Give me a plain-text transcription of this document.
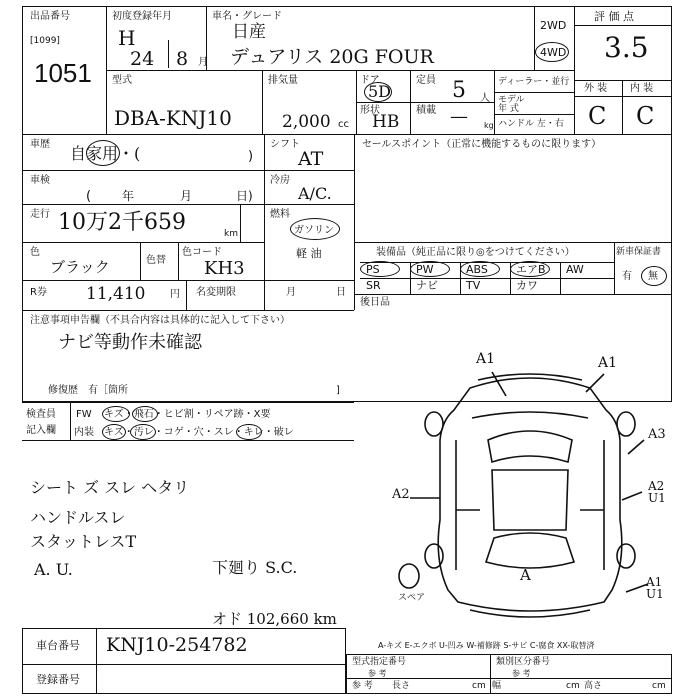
出品番号
[1099]
1051
初度登録年月
H
24 8 月
車名・グレード
日産
デュアリス 20G FOUR
2WD
4WD
評 価 点
3.5
外 装 内 装
C C
型式
DBA-KNJ10
排気量
2,000 cc
ドア
5D
定員 5 人
形状
HB
積載 — kg
ディーラー・並行
モデル 年 式
ハンドル 左・右
車歴 自家用・(	)
シフト
AT
セールスポイント（正常に機能するものに限ります）
車検
(	年	月	日)
冷房
A/C.
走行 10万2千659	km
燃料
ガソリン
軽 油
色
ブラック	色替
色コード
KH3
R券 11,410 円 名変期限	月	日
装備品（純正品に限り◎をつけてください）	新車保証書
有 無
PS	PW	ABS	エアB AW
SR	ナビ	TV	カワ
後日品
注意事項申告欄（不具合内容は具体的に記入して下さい）
ナビ等動作未確認
修復歴　有［箇所	]
検査員
記入欄
FW キズ・飛石・ヒビ割・リペア跡・X要
内装 キズ・汚レ・コゲ・穴・スレ・キレ・破レ
シート ズ スレ ヘタリ
ハンドルスレ
スタットレスT
A. U.	下廻り S.C.
オド 102,660 km
A1	A1
A3
A2
A2 U1
A	A1 U1
スペア
車台番号 KNJ10-254782
登録番号
A-キズ E-エクボ U-凹み W-補修跡 S-サビ C-腐食 XX-取替済
型式指定番号
参 考
類別区分番号
参 考
参 考 長さ	cm 幅	cm 高さ	cm
